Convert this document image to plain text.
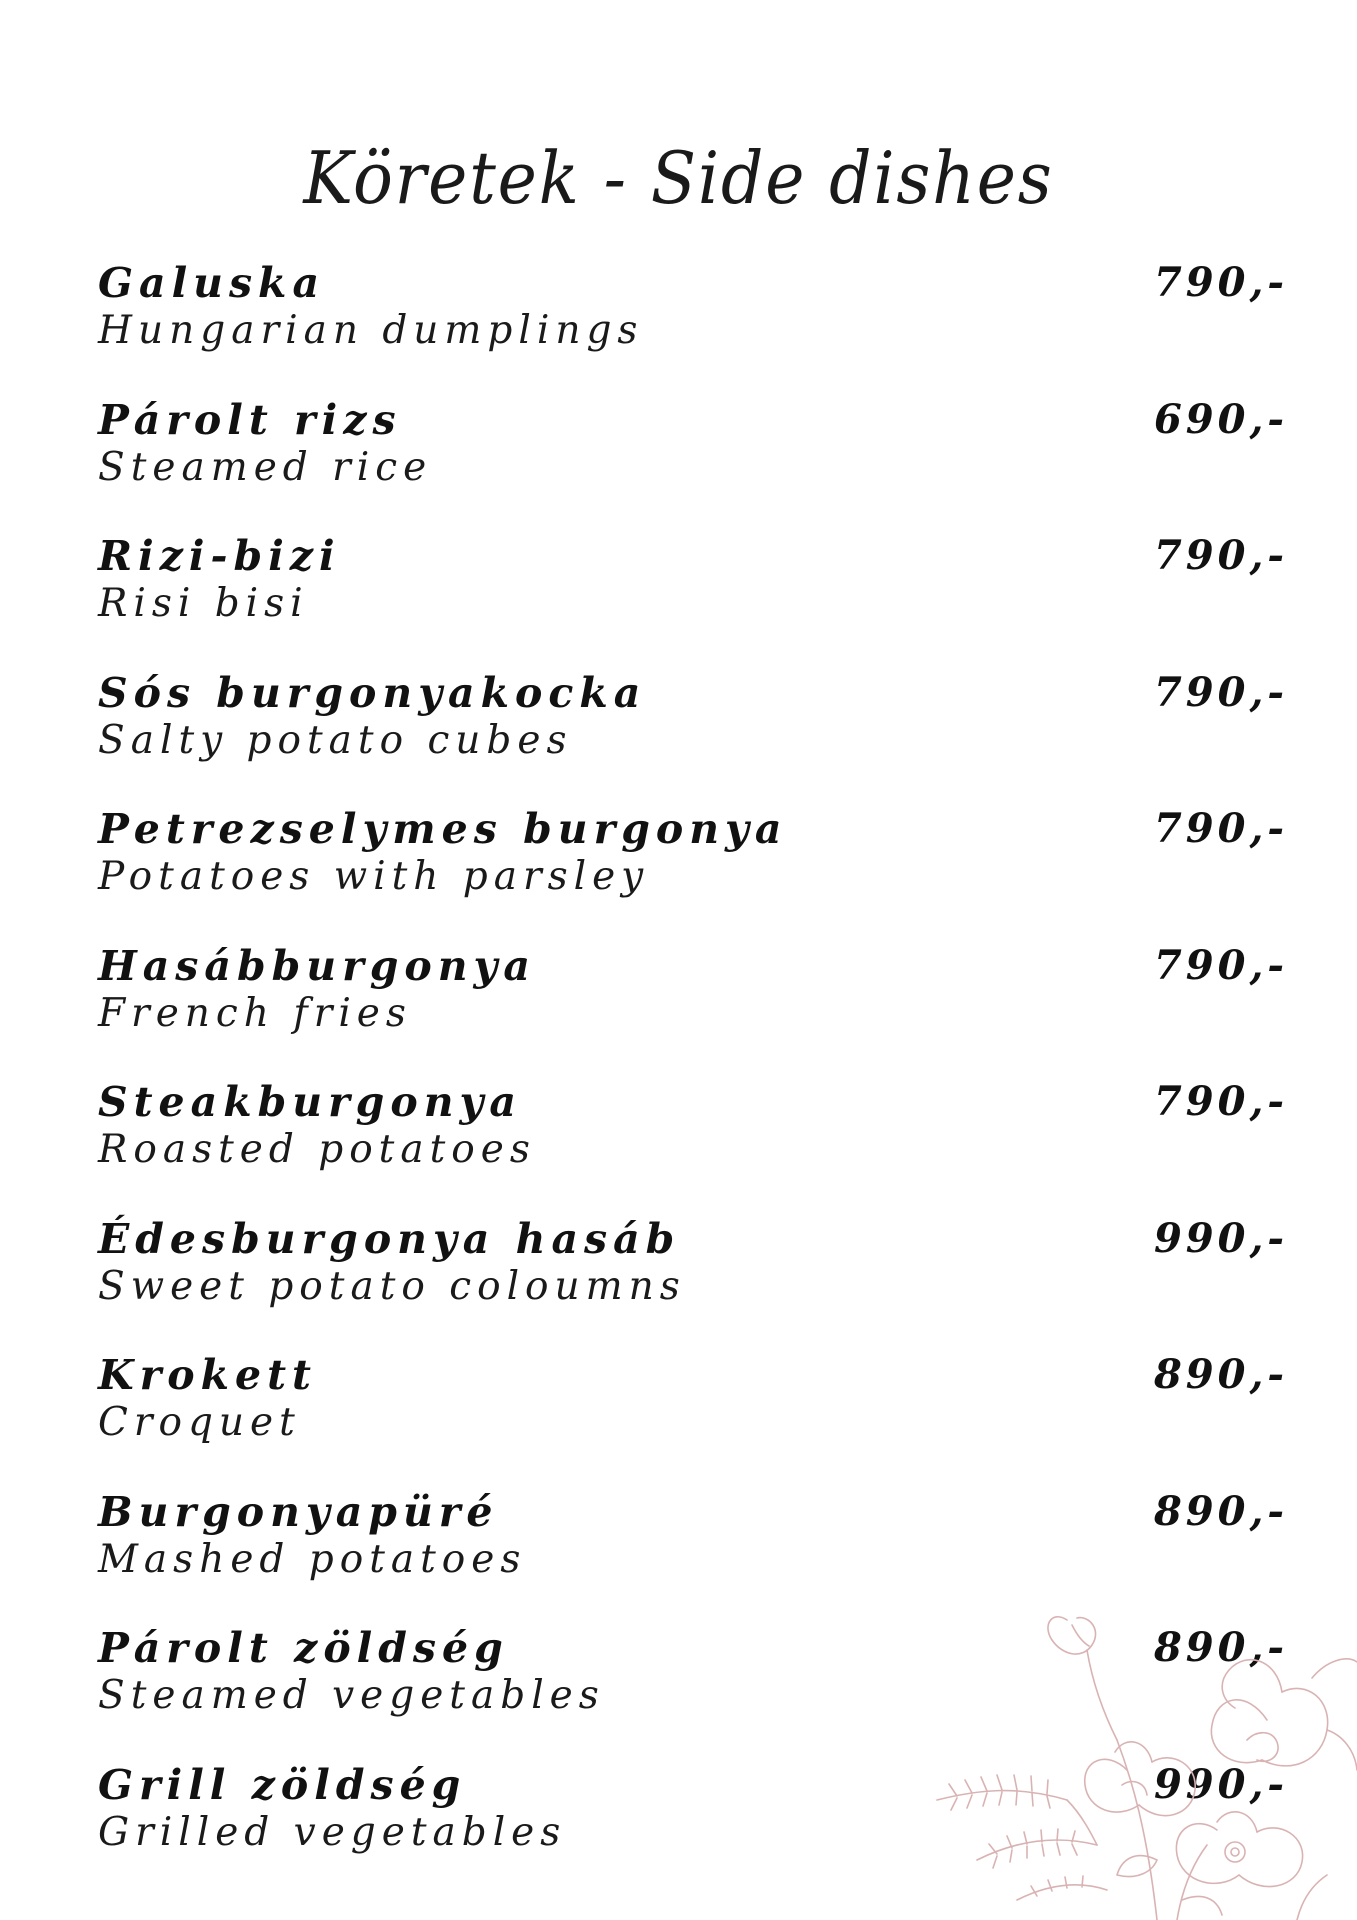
Köretek - Side dishes
Galuska
Hungarian dumplings
790,-
Párolt rizs
Steamed rice
690,-
Rizi-bizi
Risi bisi
790,-
Sós burgonyakocka
Salty potato cubes
790,-
Petrezselymes burgonya
Potatoes with parsley
790,-
Hasábburgonya
French fries
790,-
Steakburgonya
Roasted potatoes
790,-
Édesburgonya hasáb
Sweet potato coloumns
990,-
Krokett
Croquet
890,-
Burgonyapüré
Mashed potatoes
890,-
Párolt zöldség
Steamed vegetables
890,-
Grill zöldség
Grilled vegetables
990,-
